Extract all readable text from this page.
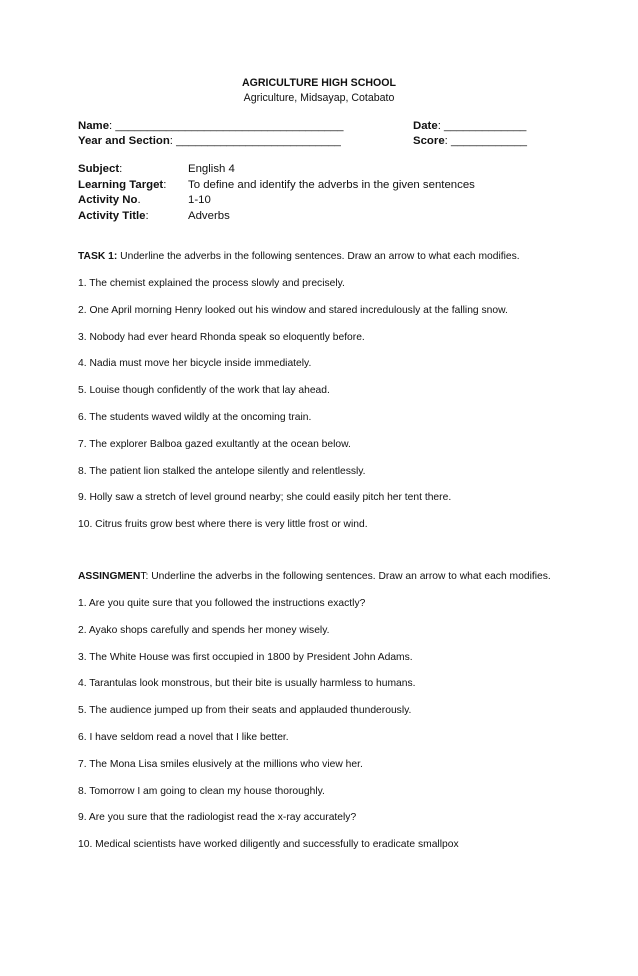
AGRICULTURE HIGH SCHOOL
Agriculture, Midsayap, Cotabato
Name: ____________________________________	Date: _____________
Year and Section: __________________________	Score: ____________
Subject:	English 4
Learning Target:	To define and identify the adverbs in the given sentences
Activity No.	1-10
Activity Title:	Adverbs
TASK 1: Underline the adverbs in the following sentences. Draw an arrow to what each modifies.
1. The chemist explained the process slowly and precisely.
2. One April morning Henry looked out his window and stared incredulously at the falling snow.
3. Nobody had ever heard Rhonda speak so eloquently before.
4. Nadia must move her bicycle inside immediately.
5. Louise though confidently of the work that lay ahead.
6. The students waved wildly at the oncoming train.
7. The explorer Balboa gazed exultantly at the ocean below.
8. The patient lion stalked the antelope silently and relentlessly.
9. Holly saw a stretch of level ground nearby; she could easily pitch her tent there.
10. Citrus fruits grow best where there is very little frost or wind.
ASSINGMENT: Underline the adverbs in the following sentences. Draw an arrow to what each modifies.
1. Are you quite sure that you followed the instructions exactly?
2. Ayako shops carefully and spends her money wisely.
3. The White House was first occupied in 1800 by President John Adams.
4. Tarantulas look monstrous, but their bite is usually harmless to humans.
5. The audience jumped up from their seats and applauded thunderously.
6. I have seldom read a novel that I like better.
7. The Mona Lisa smiles elusively at the millions who view her.
8. Tomorrow I am going to clean my house thoroughly.
9. Are you sure that the radiologist read the x-ray accurately?
10. Medical scientists have worked diligently and successfully to eradicate smallpox
